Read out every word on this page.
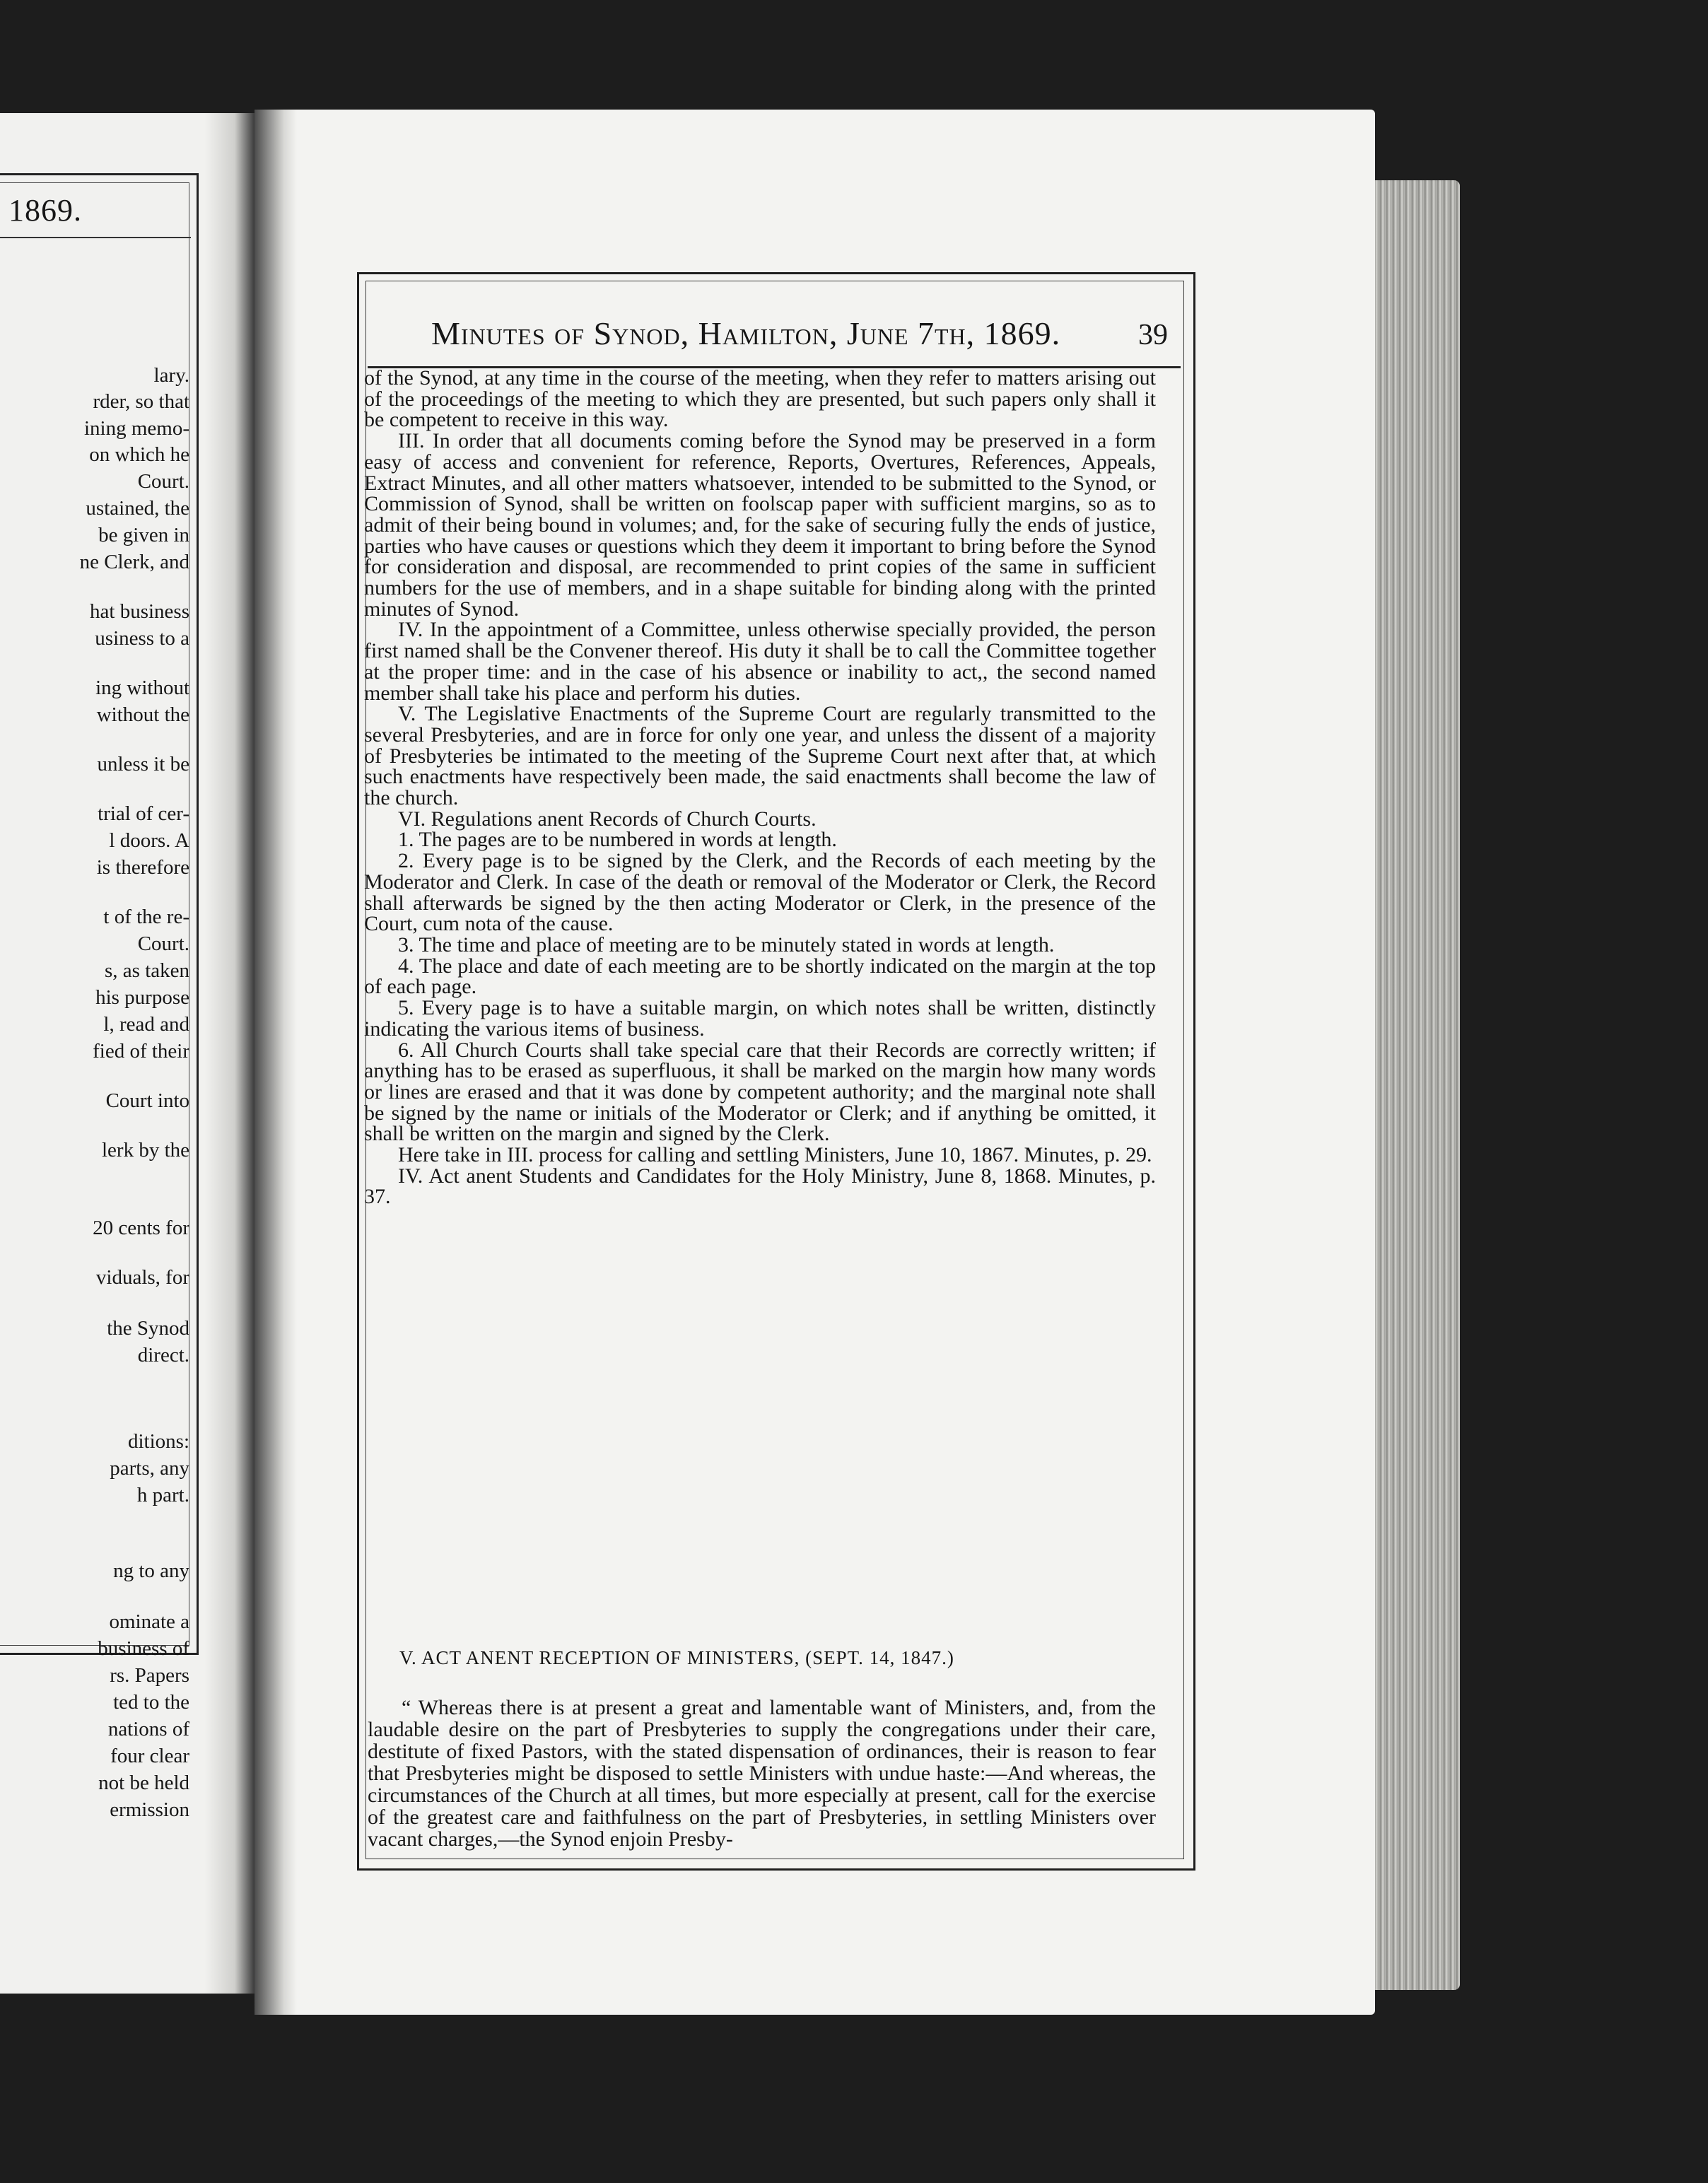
1869.
lary.
rder, so that
ining memo-
on which he
Court.
ustained, the
be given in
ne Clerk, and
hat business
usiness to a
ing without
without the
unless it be
trial of cer-
l doors. A
is therefore
t of the re-
Court.
s, as taken
his purpose
l, read and
fied of their
Court into
lerk by the
20 cents for
viduals, for
the Synod
direct.
ditions:
parts, any
h part.
ng to any
ominate a
business of
rs. Papers
ted to the
nations of
four clear
not be held
ermission
Minutes of Synod, Hamilton, June 7th, 1869.	39

of the Synod, at any time in the course of the meeting, when they refer to matters arising out of the proceedings of the meeting to which they are presented, but such papers only shall it be competent to receive in this way.

III. In order that all documents coming before the Synod may be preserved in a form easy of access and convenient for reference, Reports, Overtures, References, Appeals, Extract Minutes, and all other matters whatsoever, intended to be submitted to the Synod, or Commission of Synod, shall be written on foolscap paper with sufficient margins, so as to admit of their being bound in volumes; and, for the sake of securing fully the ends of justice, parties who have causes or questions which they deem it important to bring before the Synod for consideration and disposal, are recommended to print copies of the same in sufficient numbers for the use of members, and in a shape suitable for binding along with the printed minutes of Synod.

IV. In the appointment of a Committee, unless otherwise specially provided, the person first named shall be the Convener thereof. His duty it shall be to call the Committee together at the proper time: and in the case of his absence or inability to act,, the second named member shall take his place and perform his duties.

V. The Legislative Enactments of the Supreme Court are regularly transmitted to the several Presbyteries, and are in force for only one year, and unless the dissent of a majority of Presbyteries be intimated to the meeting of the Supreme Court next after that, at which such enactments have respectively been made, the said enactments shall become the law of the church.

VI. Regulations anent Records of Church Courts.

1. The pages are to be numbered in words at length.

2. Every page is to be signed by the Clerk, and the Records of each meeting by the Moderator and Clerk. In case of the death or removal of the Moderator or Clerk, the Record shall afterwards be signed by the then acting Moderator or Clerk, in the presence of the Court, cum nota of the cause.

3. The time and place of meeting are to be minutely stated in words at length.

4. The place and date of each meeting are to be shortly indicated on the margin at the top of each page.

5. Every page is to have a suitable margin, on which notes shall be written, distinctly indicating the various items of business.

6. All Church Courts shall take special care that their Records are correctly written; if anything has to be erased as superfluous, it shall be marked on the margin how many words or lines are erased and that it was done by competent authority; and the marginal note shall be signed by the name or initials of the Moderator or Clerk; and if anything be omitted, it shall be written on the margin and signed by the Clerk.

Here take in III. process for calling and settling Ministers, June 10, 1867. Minutes, p. 29.

IV. Act anent Students and Candidates for the Holy Ministry, June 8, 1868. Minutes, p. 37.

V. ACT ANENT RECEPTION OF MINISTERS, (SEPT. 14, 1847.)

“ Whereas there is at present a great and lamentable want of Ministers, and, from the laudable desire on the part of Presbyteries to supply the congregations under their care, destitute of fixed Pastors, with the stated dispensation of ordinances, their is reason to fear that Presbyteries might be disposed to settle Ministers with undue haste:—And whereas, the circumstances of the Church at all times, but more especially at present, call for the exercise of the greatest care and faithfulness on the part of Presbyteries, in settling Ministers over vacant charges,—the Synod enjoin Presby-
